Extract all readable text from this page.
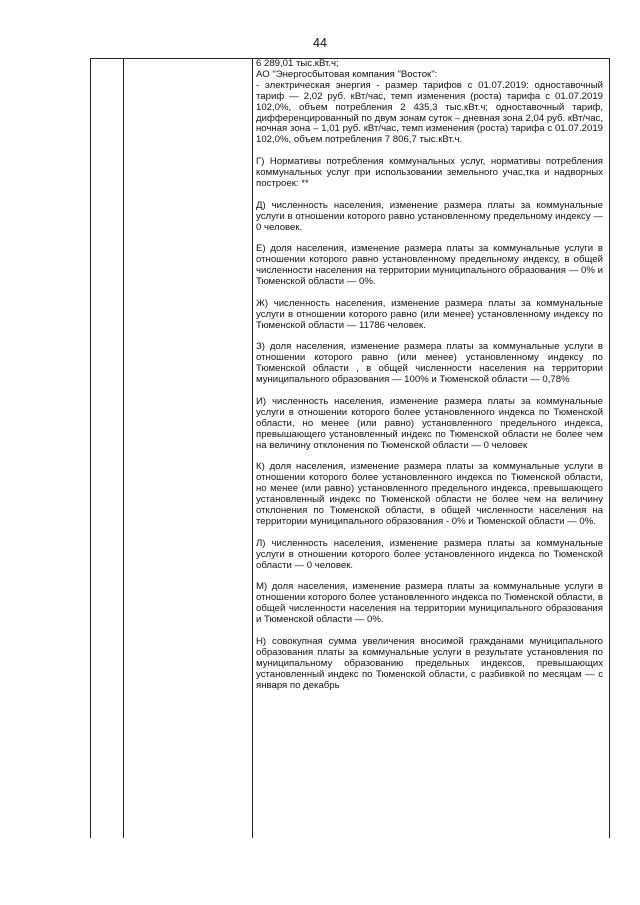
44

6 289,01 тыс.кВт.ч;

АО "Энергосбытовая компания "Восток":

- электрическая энергия - размер тарифов с 01.07.2019: одноставочный тариф — 2,02 руб. кВт/час, темп изменения (роста) тарифа с 01.07.2019 102,0%, объем потребления 2 435,3 тыс.кВт.ч; одноставочный тариф, дифференцированный по двум зонам суток – дневная зона 2,04 руб. кВт/час, ночная зона – 1,01 руб. кВт/час, темп изменения (роста) тарифа с 01.07.2019 102,0%, объем потребления 7 806,7 тыс.кВт.ч.

Г) Нормативы потребления коммунальных услуг, нормативы потребления коммунальных услуг при использовании земельного учас,тка и надворных построек: **

Д) численность населения, изменение размера платы за коммунальные услуги в отношении которого равно установленному предельному индексу — 0 человек.

Е) доля населения, изменение размера платы за коммунальные услуги в отношении которого равно установленному предельному индексу, в общей численности населения на территории муниципального образования — 0% и Тюменской области — 0%.

Ж) численность населения, изменение размера платы за коммунальные услуги в отношении которого равно (или менее) установленному индексу по Тюменской области — 11786 человек.

З) доля населения, изменение размера платы за коммунальные услуги в отношении которого равно (или менее) установленному индексу по Тюменской области , в общей численности населения на территории муниципального образования — 100% и Тюменской области — 0,78%

И) численность населения, изменение размера платы за коммунальные услуги в отношении которого более установленного индекса по Тюменской области, но менее (или равно) установленного предельного индекса, превышающего установленный индекс по Тюменской области не более чем на величину отклонения по Тюменской области — 0 человек

К) доля населения, изменение размера платы за коммунальные услуги в отношении которого более установленного индекса по Тюменской области, но менее (или равно) установленного предельного индекса, превышающего установленный индекс по Тюменской области не более чем на величину отклонения по Тюменской области, в общей численности населения на территории муниципального образования - 0% и Тюменской области — 0%.

Л) численность населения, изменение размера платы за коммунальные услуги в отношении которого более установленного индекса по Тюменской области — 0 человек.

М) доля населения, изменение размера платы за коммунальные услуги в отношении которого более установленного индекса по Тюменской области, в общей численности населения на территории муниципального образования и Тюменской области — 0%.

Н) совокупная сумма увеличения вносимой гражданами муниципального образования платы за коммунальные услуги в результате установления по муниципальному образованию предельных индексов, превышающих установленный индекс по Тюменской области, с разбивкой по месяцам — с января по декабрь
